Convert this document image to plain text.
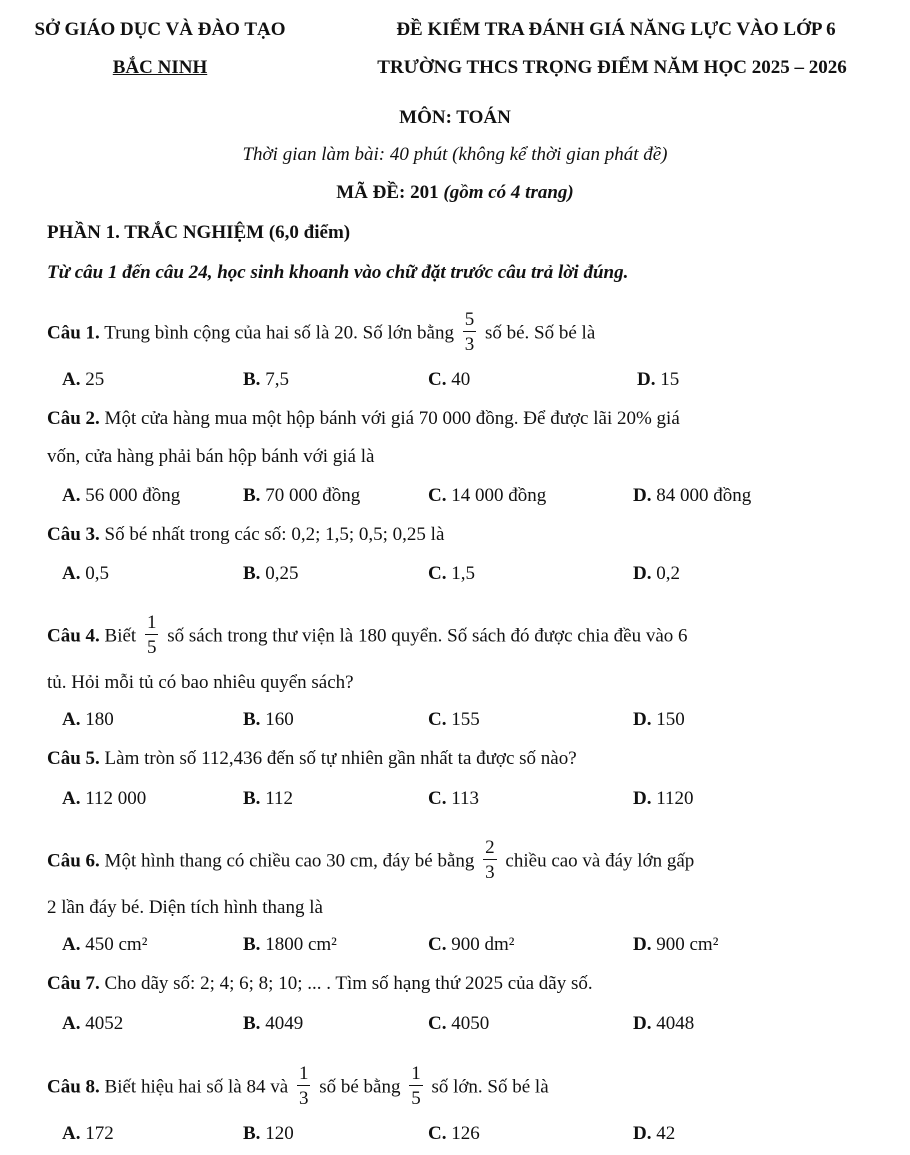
SỞ GIÁO DỤC VÀ ĐÀO TẠO
BẮC NINH
ĐỀ KIỂM TRA ĐÁNH GIÁ NĂNG LỰC VÀO LỚP 6
TRƯỜNG THCS TRỌNG ĐIỂM NĂM HỌC 2025 – 2026
MÔN: TOÁN
Thời gian làm bài: 40 phút (không kể thời gian phát đề)
MÃ ĐỀ: 201 (gồm có 4 trang)
PHẦN 1. TRẮC NGHIỆM (6,0 điểm)
Từ câu 1 đến câu 24, học sinh khoanh vào chữ đặt trước câu trả lời đúng.
Câu 1. Trung bình cộng của hai số là 20. Số lớn bằng $\frac{5}{3}$ số bé. Số bé là
A. 25	B. 7,5	C. 40	D. 15
Câu 2. Một cửa hàng mua một hộp bánh với giá 70 000 đồng. Để được lãi 20% giá
vốn, cửa hàng phải bán hộp bánh với giá là
A. 56 000 đồng	B. 70 000 đồng	C. 14 000 đồng	D. 84 000 đồng
Câu 3. Số bé nhất trong các số: 0,2; 1,5; 0,5; 0,25 là
A. 0,5	B. 0,25	C. 1,5	D. 0,2
Câu 4. Biết $\frac{1}{5}$ số sách trong thư viện là 180 quyển. Số sách đó được chia đều vào 6
tủ. Hỏi mỗi tủ có bao nhiêu quyển sách?
A. 180	B. 160	C. 155	D. 150
Câu 5. Làm tròn số 112,436 đến số tự nhiên gần nhất ta được số nào?
A. 112 000	B. 112	C. 113	D. 1120
Câu 6. Một hình thang có chiều cao 30 cm, đáy bé bằng $\frac{2}{3}$ chiều cao và đáy lớn gấp
2 lần đáy bé. Diện tích hình thang là
A. 450 cm²	B. 1800 cm²	C. 900 dm²	D. 900 cm²
Câu 7. Cho dãy số: 2; 4; 6; 8; 10; ... . Tìm số hạng thứ 2025 của dãy số.
A. 4052	B. 4049	C. 4050	D. 4048
Câu 8. Biết hiệu hai số là 84 và $\frac{1}{3}$ số bé bằng $\frac{1}{5}$ số lớn. Số bé là
A. 172	B. 120	C. 126	D. 42
